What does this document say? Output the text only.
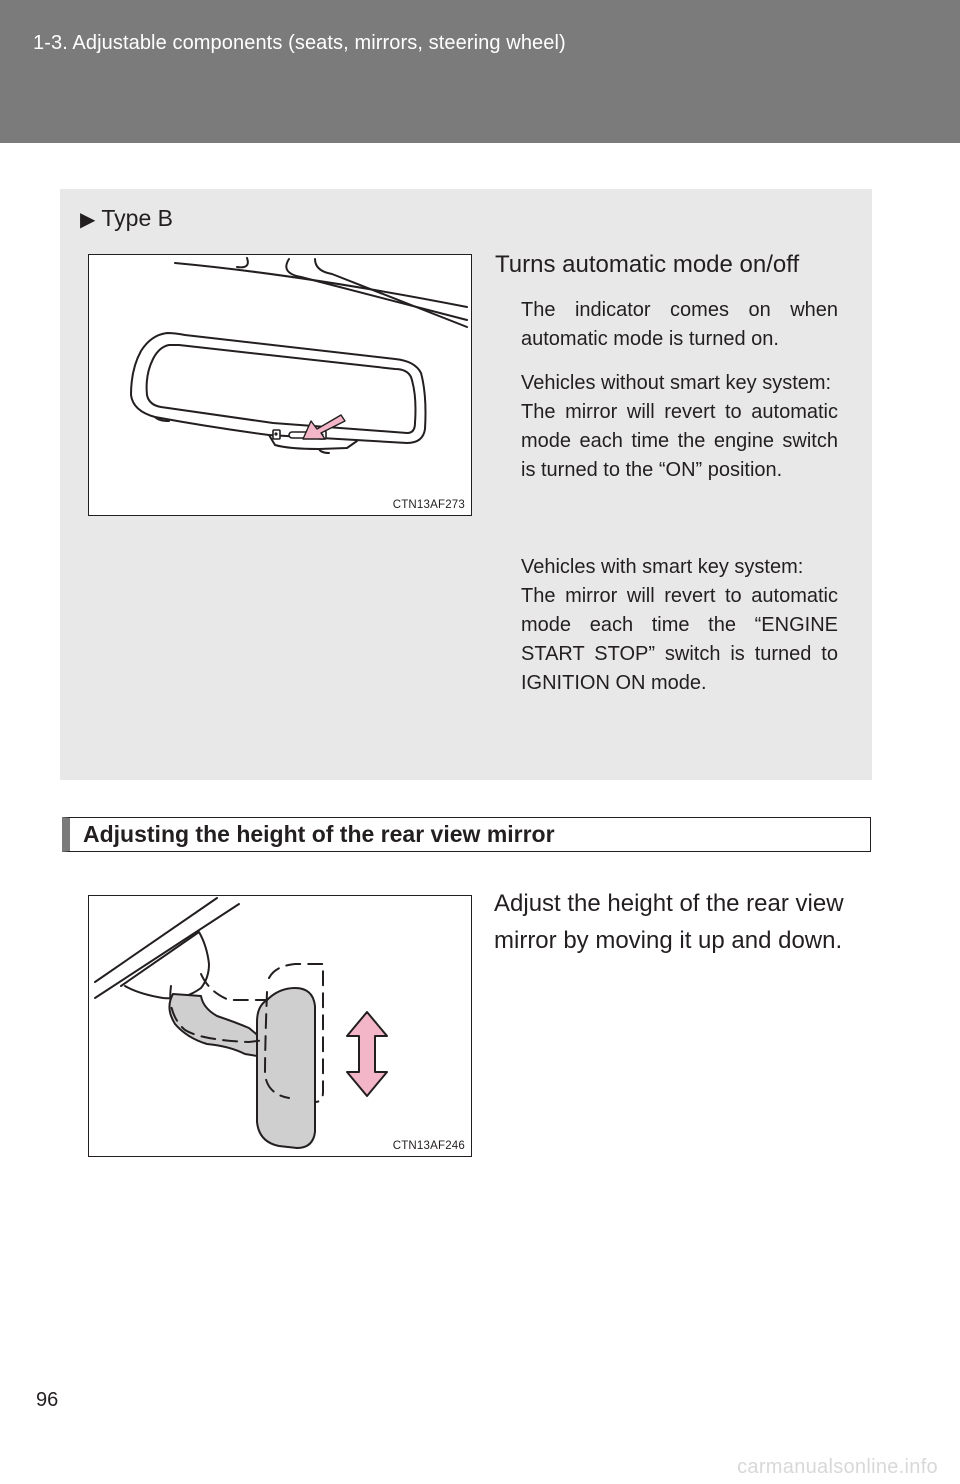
1-3. Adjustable components (seats, mirrors, steering wheel)
▶ Type B
CTN13AF273
Turns automatic mode on/off
The indicator comes on when automatic mode is turned on.
Vehicles without smart key system:
The mirror will revert to automatic mode each time the engine switch is turned to the “ON” position.
Vehicles with smart key system:
The mirror will revert to automatic mode each time the “ENGINE START STOP” switch is turned to IGNITION ON mode.
Adjusting the height of the rear view mirror
CTN13AF246
Adjust the height of the rear view
mirror by moving it up and down.
96
carmanualsonline.info
